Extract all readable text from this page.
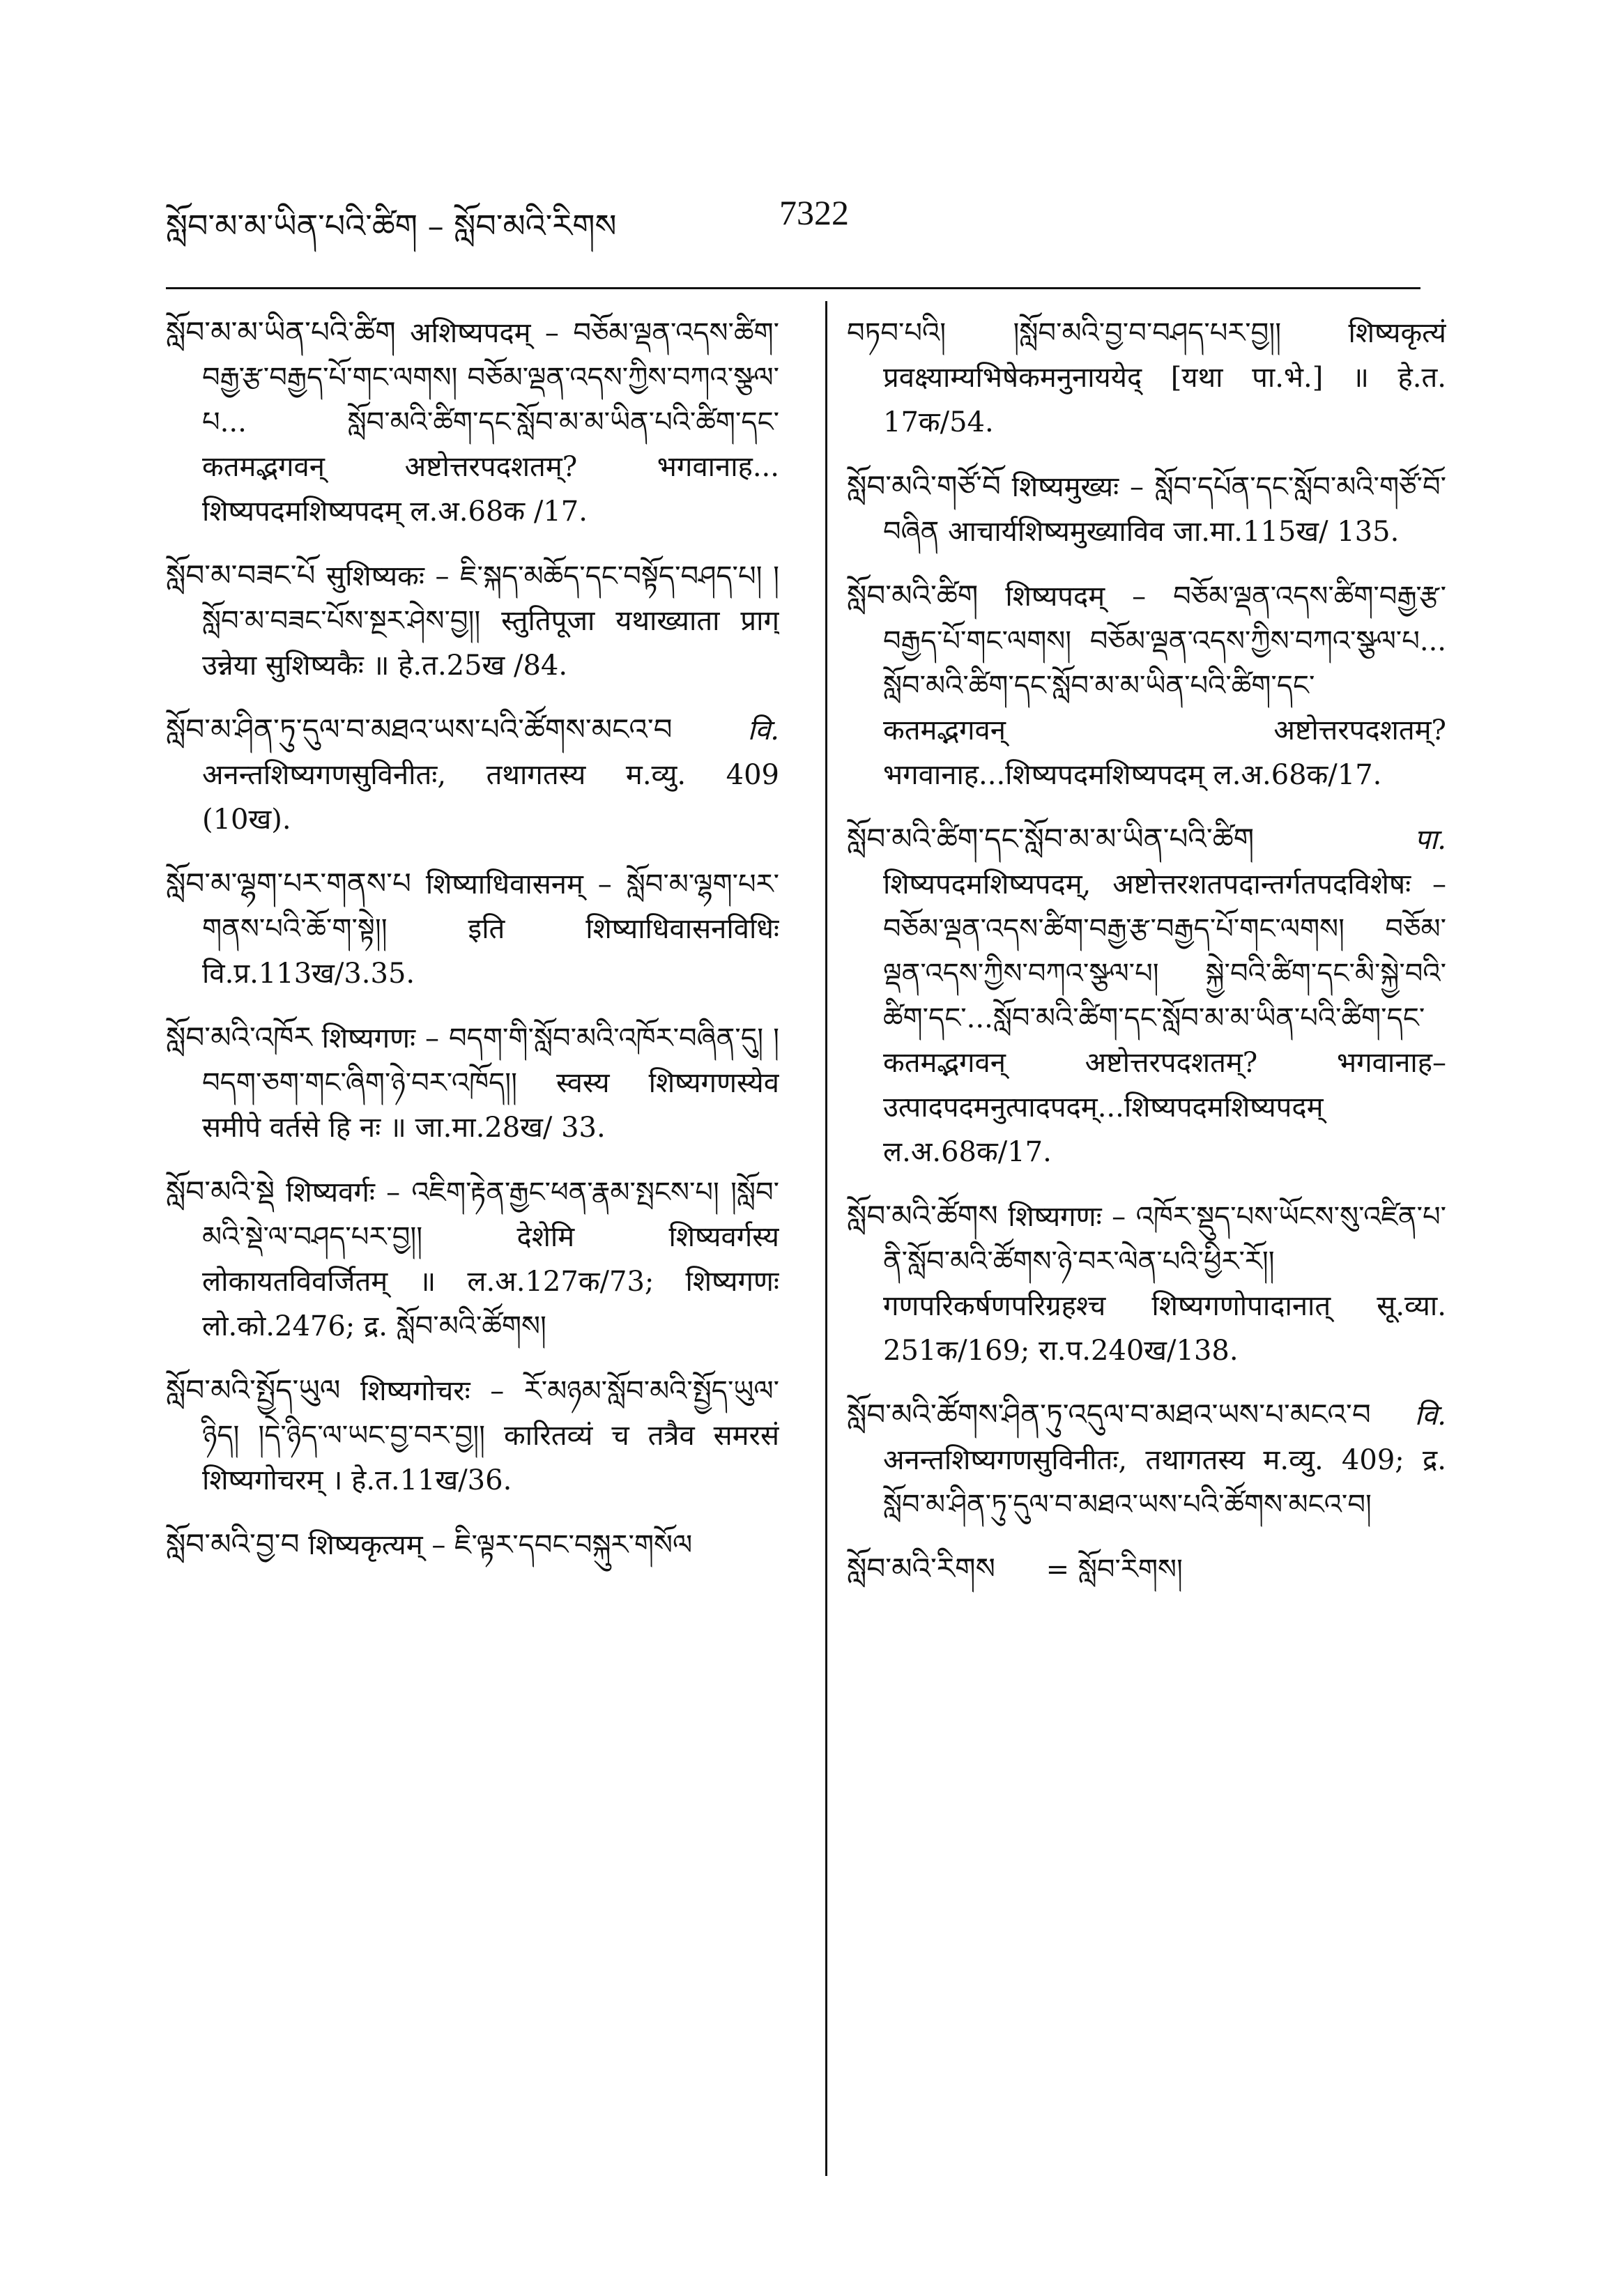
སློབ་མ་མ་ཡིན་པའི་ཚིག – སློབ་མའི་རིགས	7322

སློབ་མ་མ་ཡིན་པའི་ཚིག अशिष्यपदम् – བཅོམ་ལྡན་འདས་ཚིག་བརྒྱ་རྩ་བརྒྱད་པོ་གང་ལགས། བཅོམ་ལྡན་འདས་ཀྱིས་བཀའ་སྩལ་པ... སློབ་མའི་ཚིག་དང་སློབ་མ་མ་ཡིན་པའི་ཚིག་དང་ कतमद्भगवन् अष्टोत्तरपदशतम्? भगवानाह... शिष्यपदमशिष्यपदम् ल.अ.68क /17.

སློབ་མ་བཟང་པོ सुशिष्यकः – ཇི་སྐད་མཆོད་དང་བསྟོད་བཤད་པ། །སློབ་མ་བཟང་པོས་སྔར་ཤེས་བྱ།། स्तुतिपूजा यथाख्याता प्राग् उन्नेया सुशिष्यकैः ॥ हे.त.25ख /84.

སློབ་མ་ཤིན་ཏུ་དུལ་བ་མཐའ་ཡས་པའི་ཚོགས་མངའ་བ	वि. अनन्तशिष्यगणसुविनीतः, तथागतस्य म.व्यु. 409 (10ख).

སློབ་མ་ལྷག་པར་གནས་པ शिष्याधिवासनम् – སློབ་མ་ལྷག་པར་གནས་པའི་ཆོ་ག་སྟེ།། इति शिष्याधिवासनविधिः वि.प्र.113ख/3.35.

སློབ་མའི་འཁོར शिष्यगणः – བདག་གི་སློབ་མའི་འཁོར་བཞིན་དུ། །བདག་ཅག་གང་ཞིག་ཉེ་བར་འཁོད།། स्वस्य शिष्यगणस्येव समीपे वर्तसे हि नः ॥ जा.मा.28ख/ 33.

སློབ་མའི་སྡེ शिष्यवर्गः – འཇིག་རྟེན་རྒྱང་ཕན་རྣམ་སྤངས་པ། །སློབ་མའི་སྡེ་ལ་བཤད་པར་བྱ།། देशेमि शिष्यवर्गस्य लोकायतविवर्जितम् ॥ ल.अ.127क/73; शिष्यगणः लो.को.2476; द्र. སློབ་མའི་ཚོགས།

སློབ་མའི་སྤྱོད་ཡུལ शिष्यगोचरः – རོ་མཉམ་སློབ་མའི་སྤྱོད་ཡུལ་ཉིད། །དེ་ཉིད་ལ་ཡང་བྱ་བར་བྱ།། कारितव्यं च तत्रैव समरसं शिष्यगोचरम् । हे.त.11ख/36.

སློབ་མའི་བྱ་བ शिष्यकृत्यम् – ཇི་ལྟར་དབང་བསྐུར་གསོལ

བཏབ་པའི། །སློབ་མའི་བྱ་བ་བཤད་པར་བྱ།། शिष्यकृत्यं प्रवक्ष्याम्यभिषेकमनुनाययेद् [यथा पा.भे.] ॥ हे.त. 17क/54.

སློབ་མའི་གཙོ་བོ शिष्यमुख्यः – སློབ་དཔོན་དང་སློབ་མའི་གཙོ་བོ་བཞིན आचार्यशिष्यमुख्याविव जा.मा.115ख/ 135.

སློབ་མའི་ཚིག शिष्यपदम् – བཅོམ་ལྡན་འདས་ཚིག་བརྒྱ་རྩ་བརྒྱད་པོ་གང་ལགས། བཅོམ་ལྡན་འདས་ཀྱིས་བཀའ་སྩལ་པ... སློབ་མའི་ཚིག་དང་སློབ་མ་མ་ཡིན་པའི་ཚིག་དང་ कतमद्भगवन् अष्टोत्तरपदशतम्? भगवानाह...शिष्यपदमशिष्यपदम् ल.अ.68क/17.

སློབ་མའི་ཚིག་དང་སློབ་མ་མ་ཡིན་པའི་ཚིག	पा. शिष्यपदमशिष्यपदम्, अष्टोत्तरशतपदान्तर्गतपदविशेषः – བཅོམ་ལྡན་འདས་ཚིག་བརྒྱ་རྩ་བརྒྱད་པོ་གང་ལགས། བཅོམ་ལྡན་འདས་ཀྱིས་བཀའ་སྩལ་པ། སྐྱེ་བའི་ཚིག་དང་མི་སྐྱེ་བའི་ཚིག་དང་...སློབ་མའི་ཚིག་དང་སློབ་མ་མ་ཡིན་པའི་ཚིག་དང་ कतमद्भगवन् अष्टोत्तरपदशतम्? भगवानाह–उत्पादपदमनुत्पादपदम्...शिष्यपदमशिष्यपदम् ल.अ.68क/17.

སློབ་མའི་ཚོགས शिष्यगणः – འཁོར་སྡུད་པས་ཡོངས་སུ་འཛིན་པ་ནི་སློབ་མའི་ཚོགས་ཉེ་བར་ལེན་པའི་ཕྱིར་རོ།། गणपरिकर्षणपरिग्रहश्च शिष्यगणोपादानात् सू.व्या. 251क/169; रा.प.240ख/138.

སློབ་མའི་ཚོགས་ཤིན་ཏུ་འདུལ་བ་མཐའ་ཡས་པ་མངའ་བ वि. अनन्तशिष्यगणसुविनीतः, तथागतस्य म.व्यु. 409; द्र. སློབ་མ་ཤིན་ཏུ་དུལ་བ་མཐའ་ཡས་པའི་ཚོགས་མངའ་བ།

སློབ་མའི་རིགས = སློབ་རིགས།
